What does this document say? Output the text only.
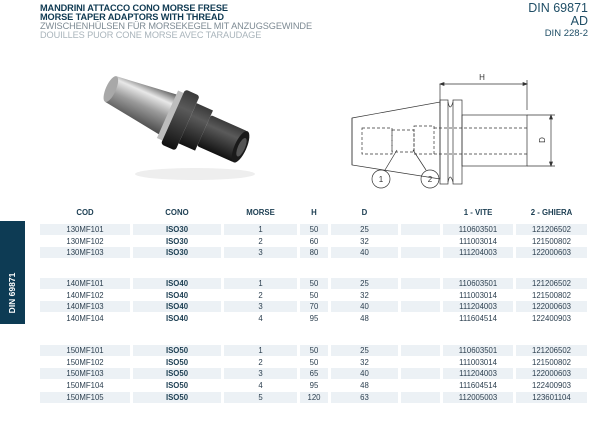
MANDRINI ATTACCO CONO MORSE FRESE
MORSE TAPER ADAPTORS WITH THREAD
ZWISCHENHÜLSEN FÜR MORSEKEGEL MIT ANZUGSGEWINDE
DOUILLES PUOR CONE MORSE AVEC TARAUDAGE
DIN 69871
AD
DIN 228-2
DIN 69871
H
D
1	2
COD	CONO	MORSE	H	D	1 - VITE	2 - GHIERA
130MF101	ISO30	1	50	25	110603501	121206502
130MF102	ISO30	2	60	32	111003014	121500802
130MF103	ISO30	3	80	40	111204003	122000603
140MF101	ISO40	1	50	25	110603501	121206502
140MF102	ISO40	2	50	32	111003014	121500802
140MF103	ISO40	3	70	40	111204003	122000603
140MF104	ISO40	4	95	48	111604514	122400903
150MF101	ISO50	1	50	25	110603501	121206502
150MF102	ISO50	2	50	32	111003014	121500802
150MF103	ISO50	3	65	40	111204003	122000603
150MF104	ISO50	4	95	48	111604514	122400903
150MF105	ISO50	5	120	63	112005003	123601104
